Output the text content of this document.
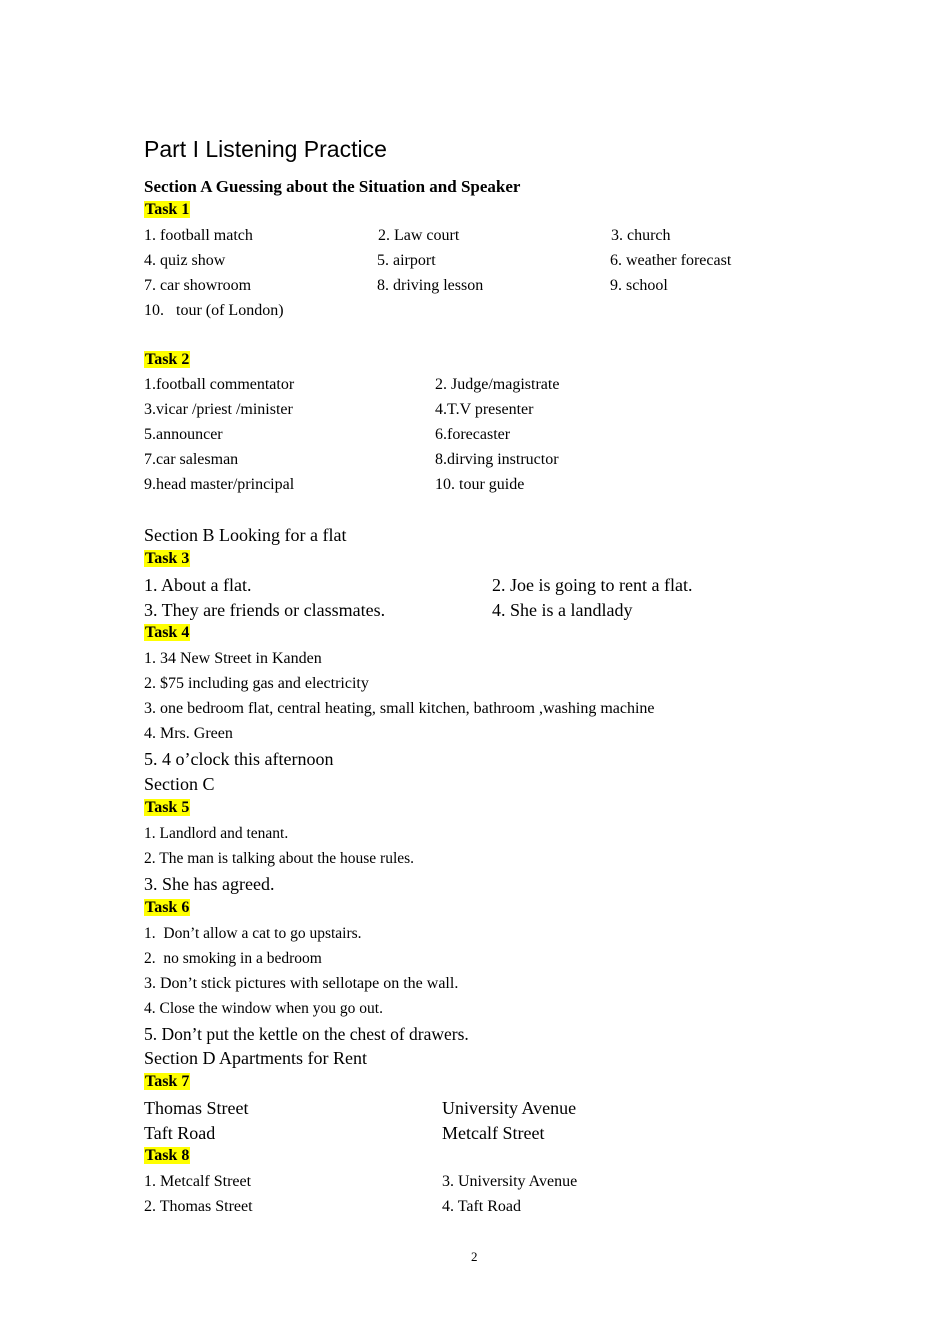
Part I Listening Practice
Section A Guessing about the Situation and Speaker
Task 1
1. football match	2. Law court	3. church
4. quiz show	5. airport	6. weather forecast
7. car showroom	8. driving lesson	9. school
10.   tour (of London)
Task 2
1.football commentator	2. Judge/magistrate
3.vicar /priest /minister	4.T.V presenter
5.announcer	6.forecaster
7.car salesman	8.dirving instructor
9.head master/principal	10. tour guide
Section B Looking for a flat
Task 3
1. About a flat.	2. Joe is going to rent a flat.
3. They are friends or classmates.	4. She is a landlady
Task 4
1. 34 New Street in Kanden
2. $75 including gas and electricity
3. one bedroom flat, central heating, small kitchen, bathroom ,washing machine
4. Mrs. Green
5. 4 o’clock this afternoon
Section C
Task 5
1. Landlord and tenant.
2. The man is talking about the house rules.
3. She has agreed.
Task 6
1.  Don’t allow a cat to go upstairs.
2.  no smoking in a bedroom
3. Don’t stick pictures with sellotape on the wall.
4. Close the window when you go out.
5. Don’t put the kettle on the chest of drawers.
Section D Apartments for Rent
Task 7
Thomas Street	University Avenue
Taft Road	Metcalf Street
Task 8
1. Metcalf Street	3. University Avenue
2. Thomas Street	4. Taft Road
2
